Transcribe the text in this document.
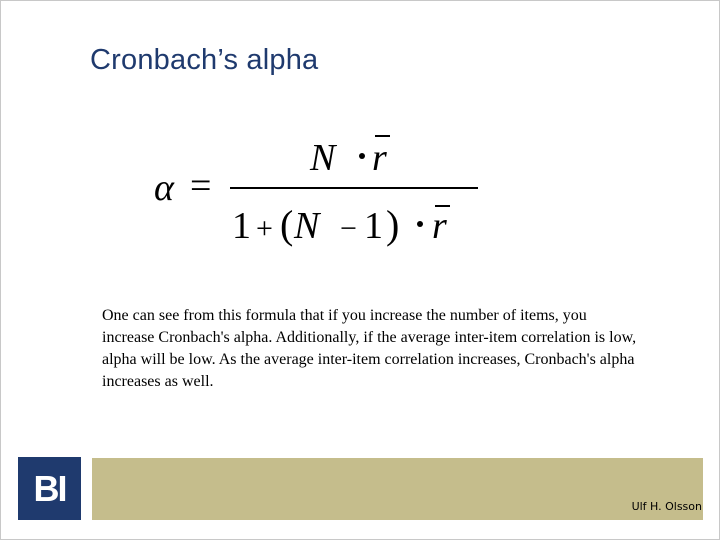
Cronbach’s alpha
α =
N r
1 + ( N − 1 ) r
One can see from this formula that if you increase the number of items, you increase Cronbach's alpha. Additionally, if the average inter-item correlation is low, alpha will be low. As the average inter-item correlation increases, Cronbach's alpha increases as well.
BI	Ulf H. Olsson
